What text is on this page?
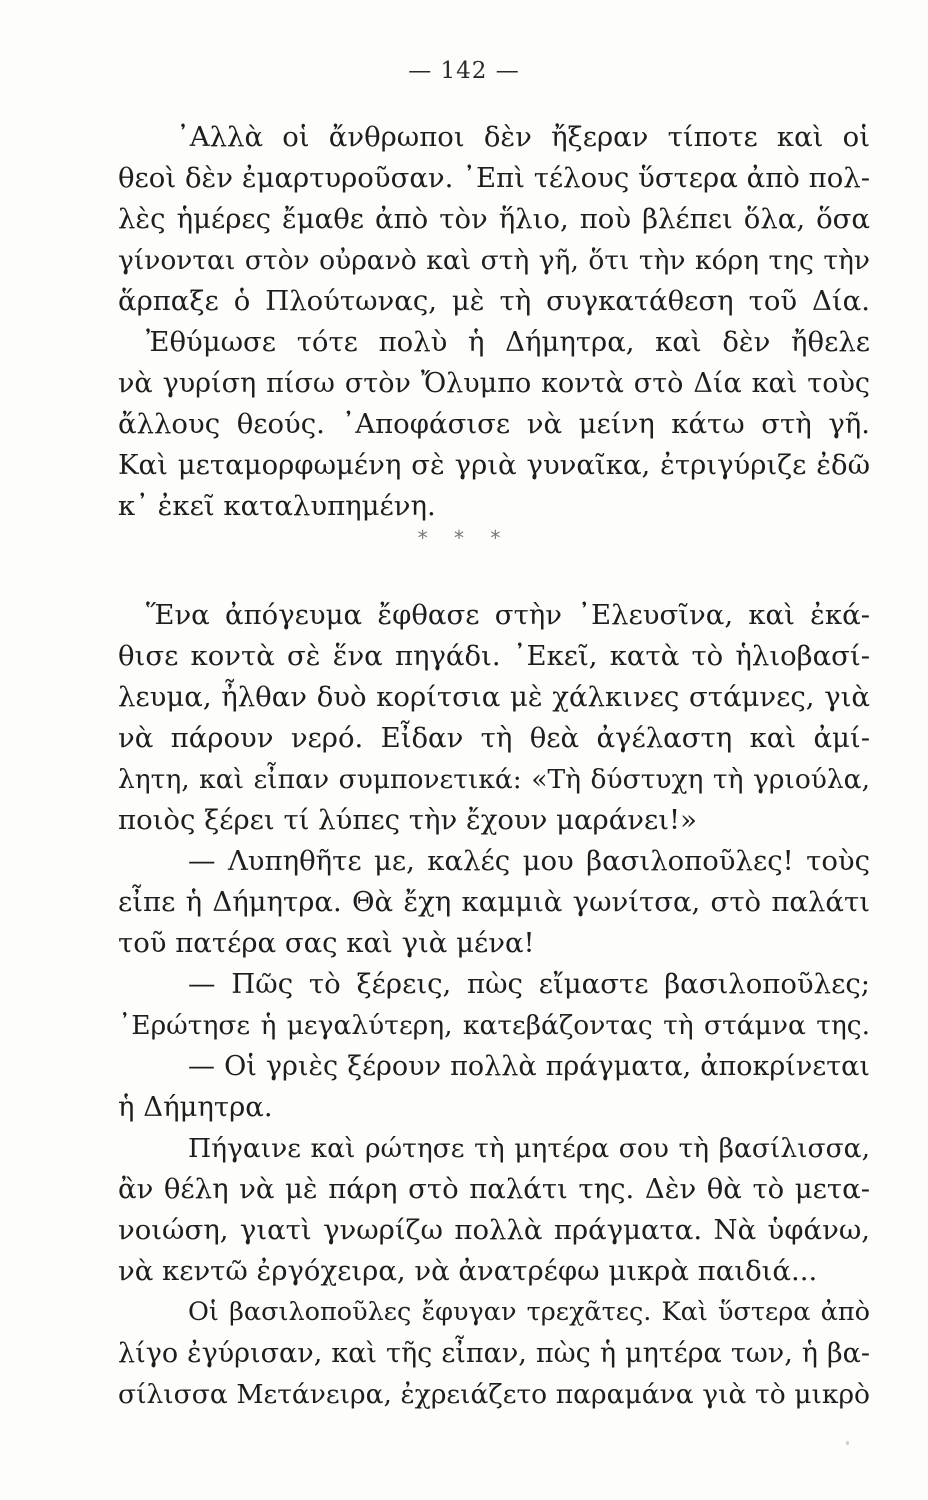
— 142 —
᾿Αλλὰ οἱ ἄνθρωποι δὲν ἤξεραν τίποτε καὶ οἱ
θεοὶ δὲν ἐμαρτυροῦσαν. ᾿Επὶ τέλους ὕστερα ἀπὸ πολ-
λὲς ἡμέρες ἔμαθε ἀπὸ τὸν ἥλιο, ποὺ βλέπει ὅλα, ὅσα
γίνονται στὸν οὐρανὸ καὶ στὴ γῆ, ὅτι τὴν κόρη της τὴν
ἅρπαξε ὁ Πλούτωνας, μὲ τὴ συγκατάθεση τοῦ Δία.
Ἐθύμωσε τότε πολὺ ἡ Δήμητρα, καὶ δὲν ἤθελε
νὰ γυρίση πίσω στὸν Ὄλυμπο κοντὰ στὸ Δία καὶ τοὺς
ἄλλους θεούς. ᾿Αποφάσισε νὰ μείνη κάτω στὴ γῆ.
Καὶ μεταμορφωμένη σὲ γριὰ γυναῖκα, ἐτριγύριζε ἐδῶ
κ᾿ ἐκεῖ καταλυπημένη.
* * *
Ἕνα ἀπόγευμα ἔφθασε στὴν ᾿Ελευσῖνα, καὶ ἐκά-
θισε κοντὰ σὲ ἕνα πηγάδι. ᾿Εκεῖ, κατὰ τὸ ἡλιοβασί-
λευμα, ἦλθαν δυὸ κορίτσια μὲ χάλκινες στάμνες, γιὰ
νὰ πάρουν νερό. Εἶδαν τὴ θεὰ ἀγέλαστη καὶ ἀμί-
λητη, καὶ εἶπαν συμπονετικά: «Τὴ δύστυχη τὴ γριούλα,
ποιὸς ξέρει τί λύπες τὴν ἔχουν μαράνει!»
— Λυπηθῆτε με, καλές μου βασιλοποῦλες! τοὺς
εἶπε ἡ Δήμητρα. Θὰ ἔχη καμμιὰ γωνίτσα, στὸ παλάτι
τοῦ πατέρα σας καὶ γιὰ μένα!
— Πῶς τὸ ξέρεις, πὼς εἴμαστε βασιλοποῦλες;
᾿Ερώτησε ἡ μεγαλύτερη, κατεβάζοντας τὴ στάμνα της.
— Οἱ γριὲς ξέρουν πολλὰ πράγματα, ἀποκρίνεται
ἡ Δήμητρα.
Πήγαινε καὶ ρώτησε τὴ μητέρα σου τὴ βασίλισσα,
ἂν θέλη νὰ μὲ πάρη στὸ παλάτι της. Δὲν θὰ τὸ μετα-
νοιώση, γιατὶ γνωρίζω πολλὰ πράγματα. Νὰ ὑφάνω,
νὰ κεντῶ ἐργόχειρα, νὰ ἀνατρέφω μικρὰ παιδιά...
Οἱ βασιλοποῦλες ἔφυγαν τρεχᾶτες. Καὶ ὕστερα ἀπὸ
λίγο ἐγύρισαν, καὶ τῆς εἶπαν, πὼς ἡ μητέρα των, ἡ βα-
σίλισσα Μετάνειρα, ἐχρειάζετο παραμάνα γιὰ τὸ μικρὸ
